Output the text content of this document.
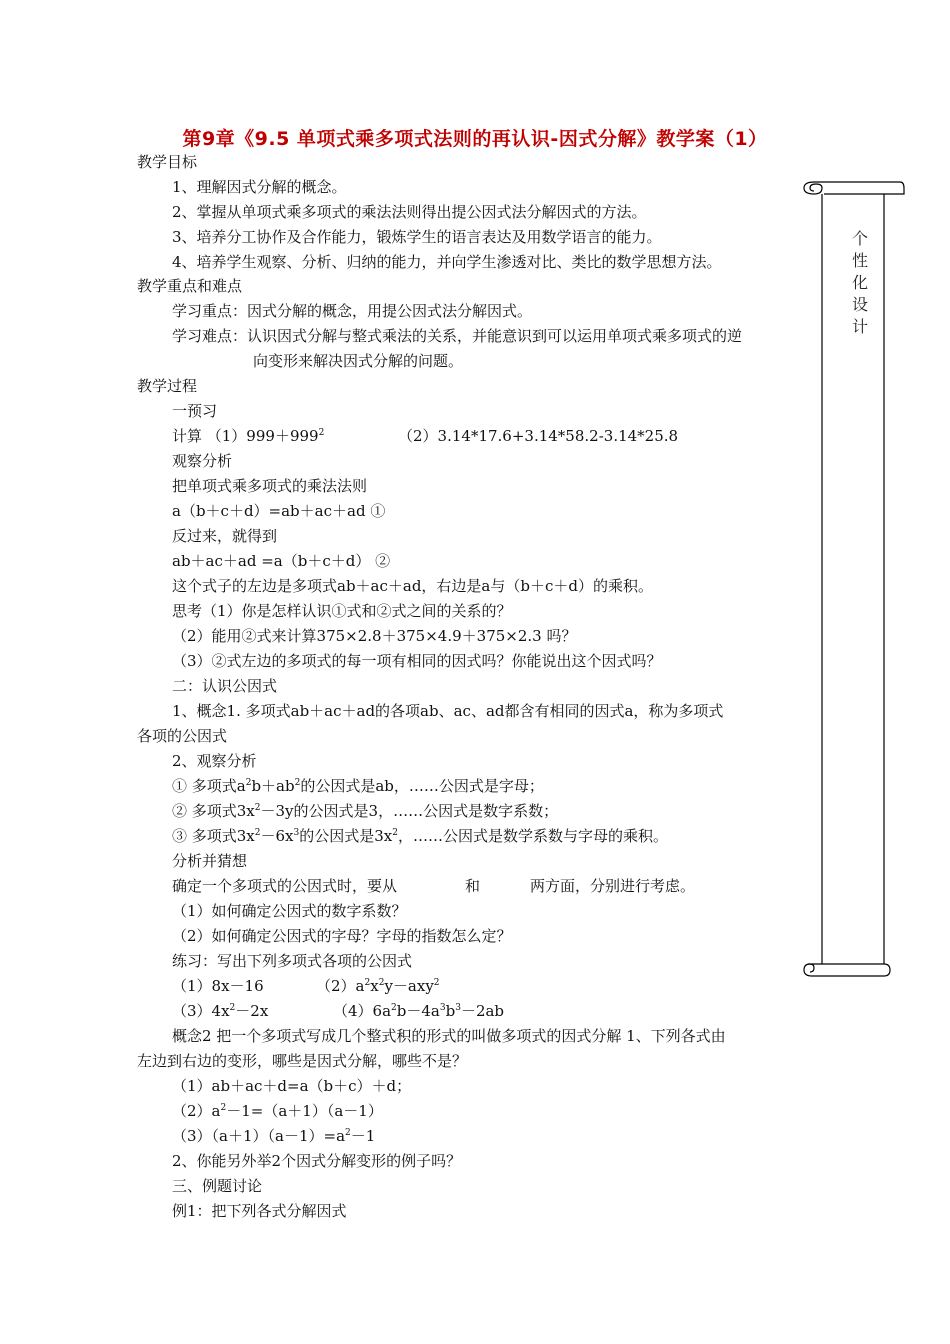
第9章《9.5 单项式乘多项式法则的再认识-因式分解》教学案（1）
个
性
化
设
计
教学目标
1、理解因式分解的概念。
2、掌握从单项式乘多项式的乘法法则得出提公因式法分解因式的方法。
3、培养分工协作及合作能力，锻炼学生的语言表达及用数学语言的能力。
4、培养学生观察、分析、归纳的能力，并向学生渗透对比、类比的数学思想方法。
教学重点和难点
学习重点：因式分解的概念，用提公因式法分解因式。
学习难点：认识因式分解与整式乘法的关系，并能意识到可以运用单项式乘多项式的逆
向变形来解决因式分解的问题。
教学过程
一预习
计算 $(1)999+999^2$	（2）3.14*17.6+3.14*58.2-3.14*25.8
观察分析
把单项式乘多项式的乘法法则
a（b＋c＋d）=ab＋ac＋ad ①
反过来，就得到
ab＋ac＋ad =a（b＋c＋d） ②
这个式子的左边是多项式ab＋ac＋ad，右边是a与（b＋c＋d）的乘积。
思考（1）你是怎样认识①式和②式之间的关系的？
（2）能用②式来计算375×2.8＋375×4.9＋375×2.3 吗？
（3）②式左边的多项式的每一项有相同的因式吗？你能说出这个因式吗？
二：认识公因式
1、概念1. 多项式ab＋ac＋ad的各项ab、ac、ad都含有相同的因式a，称为多项式
各项的公因式
2、观察分析
① 多项式$a^2b+ab^2$的公因式是ab，……公因式是字母；
② 多项式$3x^2-3y$的公因式是3，……公因式是数字系数；
③ 多项式$3x^2-6x^3$的公因式是$3x^2$，……公因式是数学系数与字母的乘积。
分析并猜想
确定一个多项式的公因式时，要从	和	两方面，分别进行考虑。
（1）如何确定公因式的数字系数？
（2）如何确定公因式的字母？字母的指数怎么定？
练习：写出下列多项式各项的公因式
（1）8x－16	$(2)a^2x^2y-axy^2$
$(3)4x^2-2x$	$(4)6a^2b-4a^3b^3-2ab$
概念2 把一个多项式写成几个整式积的形式的叫做多项式的因式分解 1、下列各式由
左边到右边的变形，哪些是因式分解，哪些不是？
（1）ab＋ac＋d=a（b＋c）＋d；
$(2)a^2-1=(a+1)(a-1)$
$(3)(a+1)(a-1)=a^2-1$
2、你能另外举2个因式分解变形的例子吗？
三、例题讨论
例1：把下列各式分解因式
